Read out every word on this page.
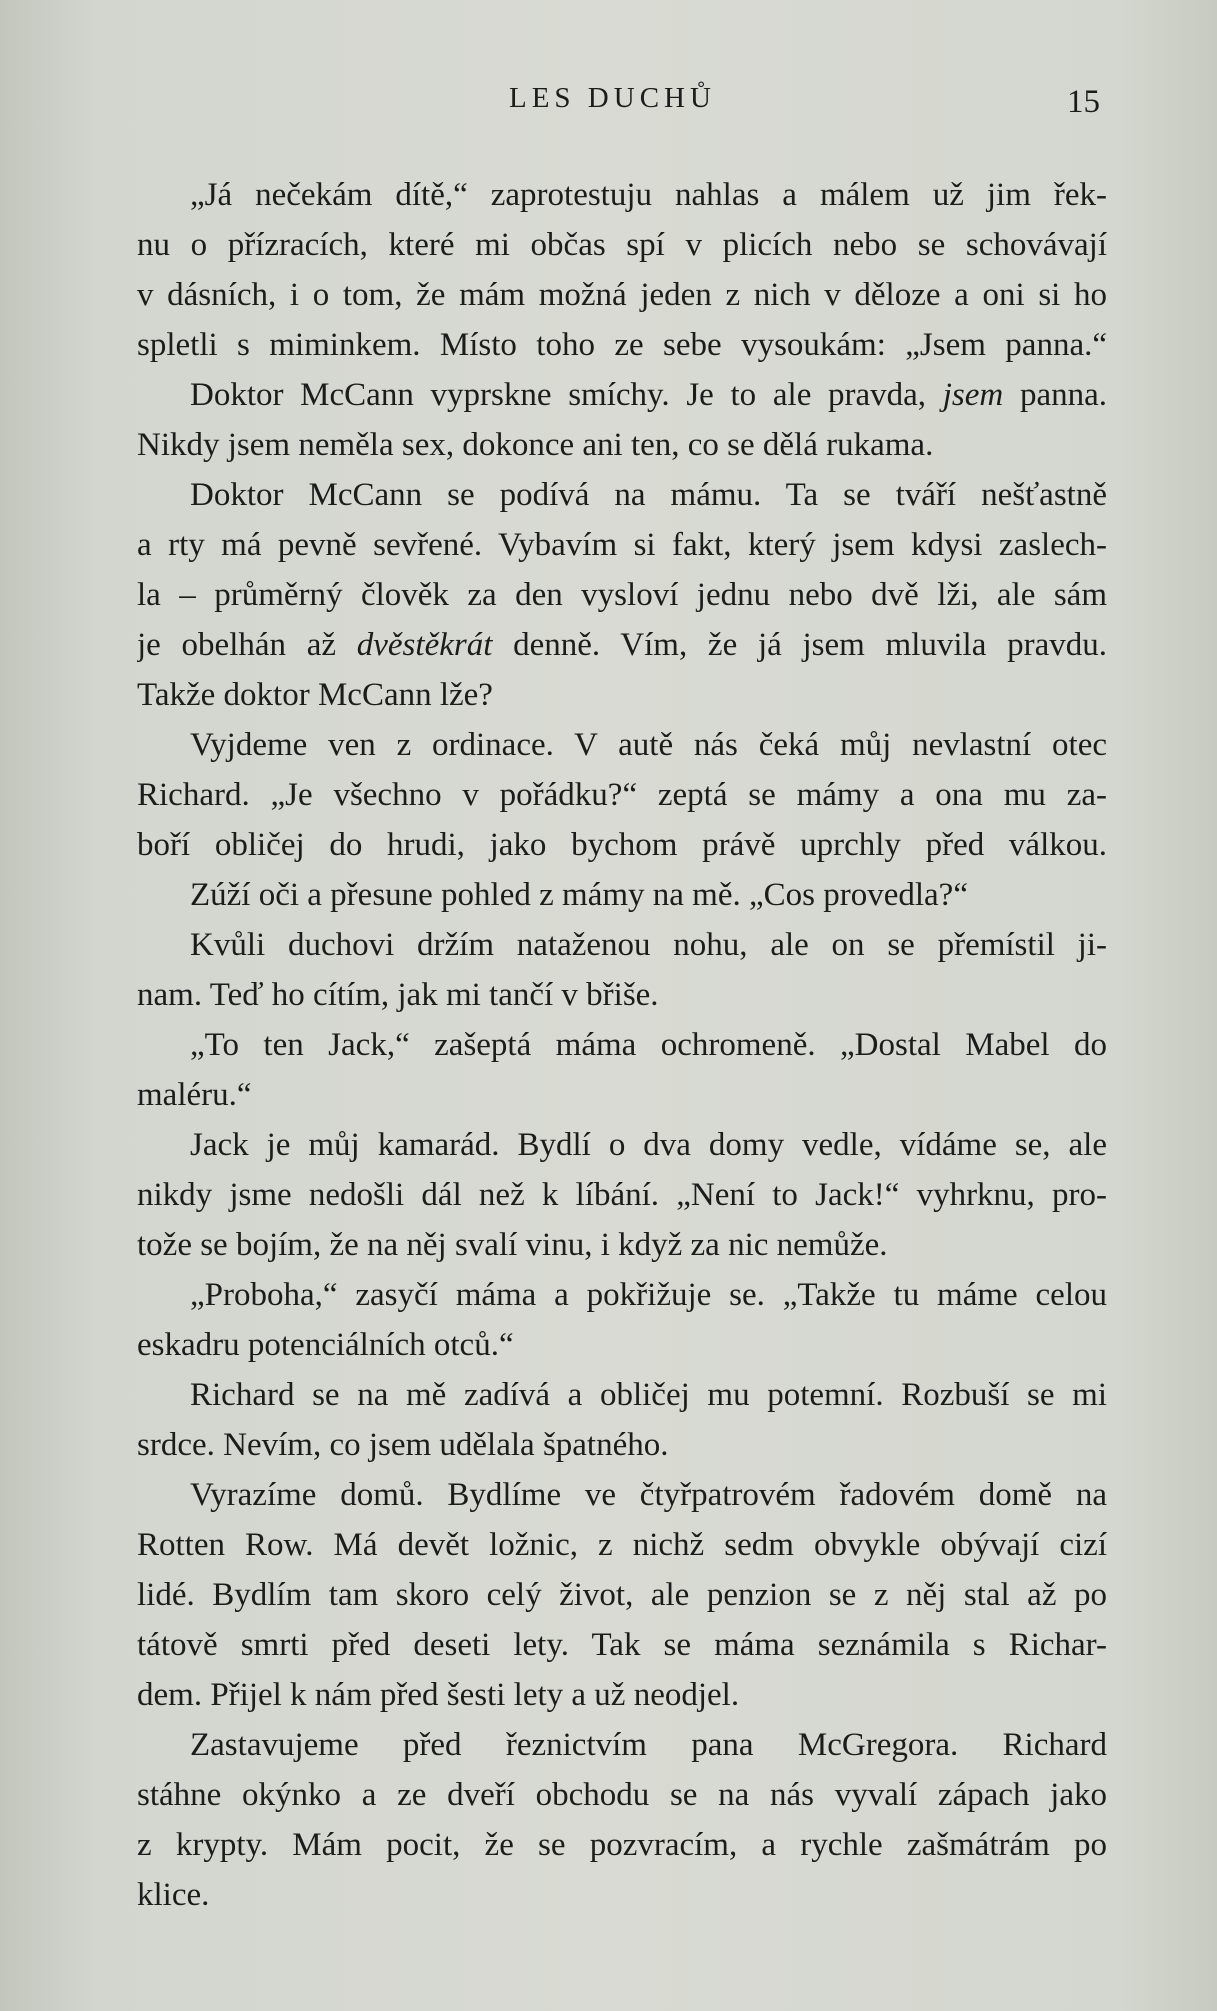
LES DUCHŮ	15
„Já nečekám dítě,“ zaprotestuju nahlas a málem už jim řek-
nu o přízracích, které mi občas spí v plicích nebo se schovávají
v dásních, i o tom, že mám možná jeden z nich v děloze a oni si ho
spletli s miminkem. Místo toho ze sebe vysoukám: „Jsem panna.“
Doktor McCann vyprskne smíchy. Je to ale pravda, jsem panna.
Nikdy jsem neměla sex, dokonce ani ten, co se dělá rukama.
Doktor McCann se podívá na mámu. Ta se tváří nešťastně
a rty má pevně sevřené. Vybavím si fakt, který jsem kdysi zaslech-
la – průměrný člověk za den vysloví jednu nebo dvě lži, ale sám
je obelhán až dvěstěkrát denně. Vím, že já jsem mluvila pravdu.
Takže doktor McCann lže?
Vyjdeme ven z ordinace. V autě nás čeká můj nevlastní otec
Richard. „Je všechno v pořádku?“ zeptá se mámy a ona mu za-
boří obličej do hrudi, jako bychom právě uprchly před válkou.
Zúží oči a přesune pohled z mámy na mě. „Cos provedla?“
Kvůli duchovi držím nataženou nohu, ale on se přemístil ji-
nam. Teď ho cítím, jak mi tančí v břiše.
„To ten Jack,“ zašeptá máma ochromeně. „Dostal Mabel do
maléru.“
Jack je můj kamarád. Bydlí o dva domy vedle, vídáme se, ale
nikdy jsme nedošli dál než k líbání. „Není to Jack!“ vyhrknu, pro-
tože se bojím, že na něj svalí vinu, i když za nic nemůže.
„Proboha,“ zasyčí máma a pokřižuje se. „Takže tu máme celou
eskadru potenciálních otců.“
Richard se na mě zadívá a obličej mu potemní. Rozbuší se mi
srdce. Nevím, co jsem udělala špatného.
Vyrazíme domů. Bydlíme ve čtyřpatrovém řadovém domě na
Rotten Row. Má devět ložnic, z nichž sedm obvykle obývají cizí
lidé. Bydlím tam skoro celý život, ale penzion se z něj stal až po
tátově smrti před deseti lety. Tak se máma seznámila s Richar-
dem. Přijel k nám před šesti lety a už neodjel.
Zastavujeme před řeznictvím pana McGregora. Richard
stáhne okýnko a ze dveří obchodu se na nás vyvalí zápach jako
z krypty. Mám pocit, že se pozvracím, a rychle zašmátrám po
klice.
